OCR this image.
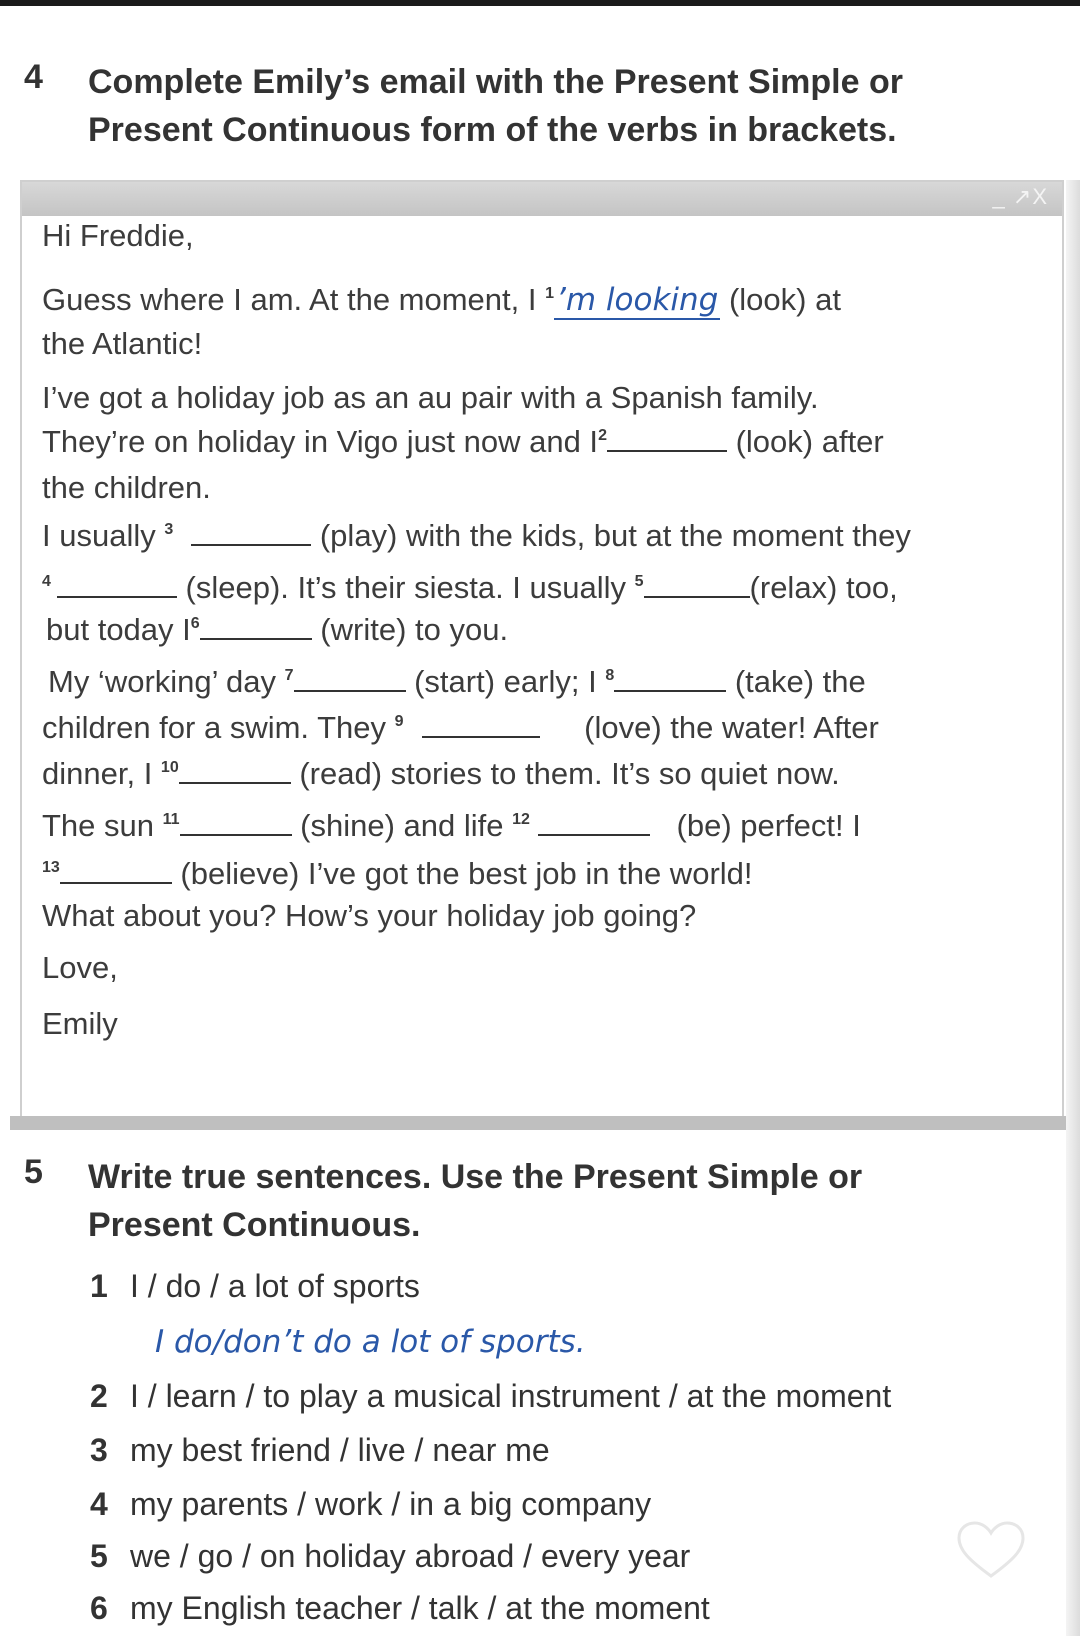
4 Complete Emily’s email with the Present Simple or
Present Continuous form of the verbs in brackets.
_ ↗X
Hi Freddie,
Guess where I am. At the moment, I $^1$’m looking (look) at
the Atlantic!
I’ve got a holiday job as an au pair with a Spanish family.
They’re on holiday in Vigo just now and $I^2$	(look) after
the children.
I usually $^3$	(play) with the kids, but at the moment they
$^4$	(sleep). It’s their siesta. I usually $^5$	(relax) too,
but today $I^6$	(write) to you.
My ‘working’ day $^7$	(start) early; I $^8$	(take) the
children for a swim. They $^9$	(love) the water! After
dinner, I $^{10}$	(read) stories to them. It’s so quiet now.
The sun $^{11}$	(shine) and life $^{12}$	(be) perfect! I
$^{13}$	(believe) I’ve got the best job in the world!
What about you? How’s your holiday job going?
Love,
Emily
5 Write true sentences. Use the Present Simple or
Present Continuous.
1 I / do / a lot of sports
I do/don’t do a lot of sports.
2 I / learn / to play a musical instrument / at the moment
3 my best friend / live / near me
4 my parents / work / in a big company
5 we / go / on holiday abroad / every year
6 my English teacher / talk / at the moment
